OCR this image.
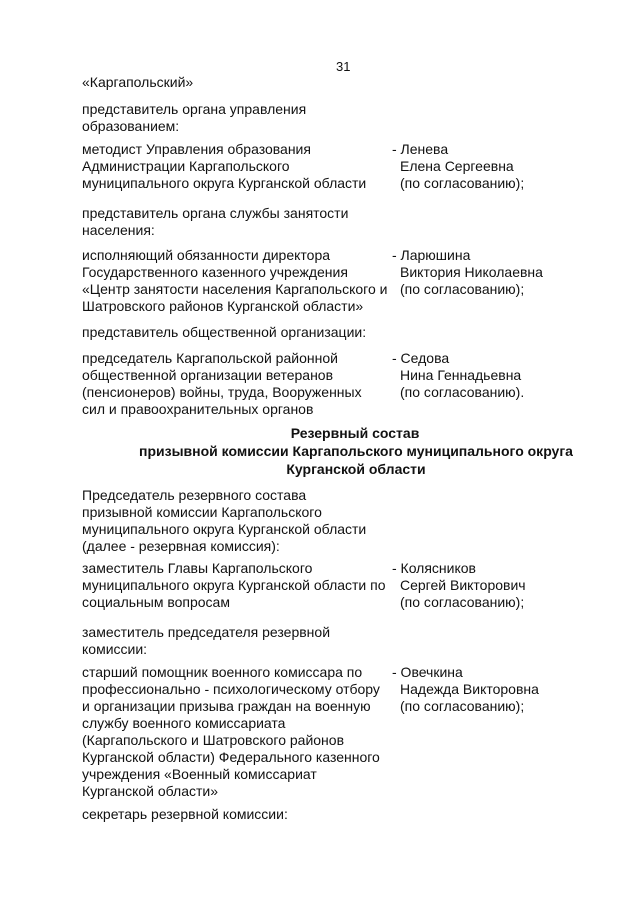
31
«Каргапольский»
представитель органа управления
образованием:
методист Управления образования
Администрации Каргапольского
муниципального округа Курганской области
- Ленева
Елена Сергеевна
(по согласованию);
представитель органа службы занятости
населения:
исполняющий обязанности директора
Государственного казенного учреждения
«Центр занятости населения Каргапольского и
Шатровского районов Курганской области»
- Ларюшина
Виктория Николаевна
(по согласованию);
представитель общественной организации:
председатель Каргапольской районной
общественной организации ветеранов
(пенсионеров) войны, труда, Вооруженных
сил и правоохранительных органов
- Седова
Нина Геннадьевна
(по согласованию).
Резервный состав
призывной комиссии Каргапольского муниципального округа
Курганской области
Председатель резервного состава
призывной комиссии Каргапольского
муниципального округа Курганской области
(далее - резервная комиссия):
заместитель Главы Каргапольского
муниципального округа Курганской области по
социальным вопросам
- Колясников
Сергей Викторович
(по согласованию);
заместитель председателя резервной
комиссии:
старший помощник военного комиссара по
профессионально - психологическому отбору
и организации призыва граждан на военную
службу военного комиссариата
(Каргапольского и Шатровского районов
Курганской области) Федерального казенного
учреждения «Военный комиссариат
Курганской области»
- Овечкина
Надежда Викторовна
(по согласованию);
секретарь резервной комиссии:
